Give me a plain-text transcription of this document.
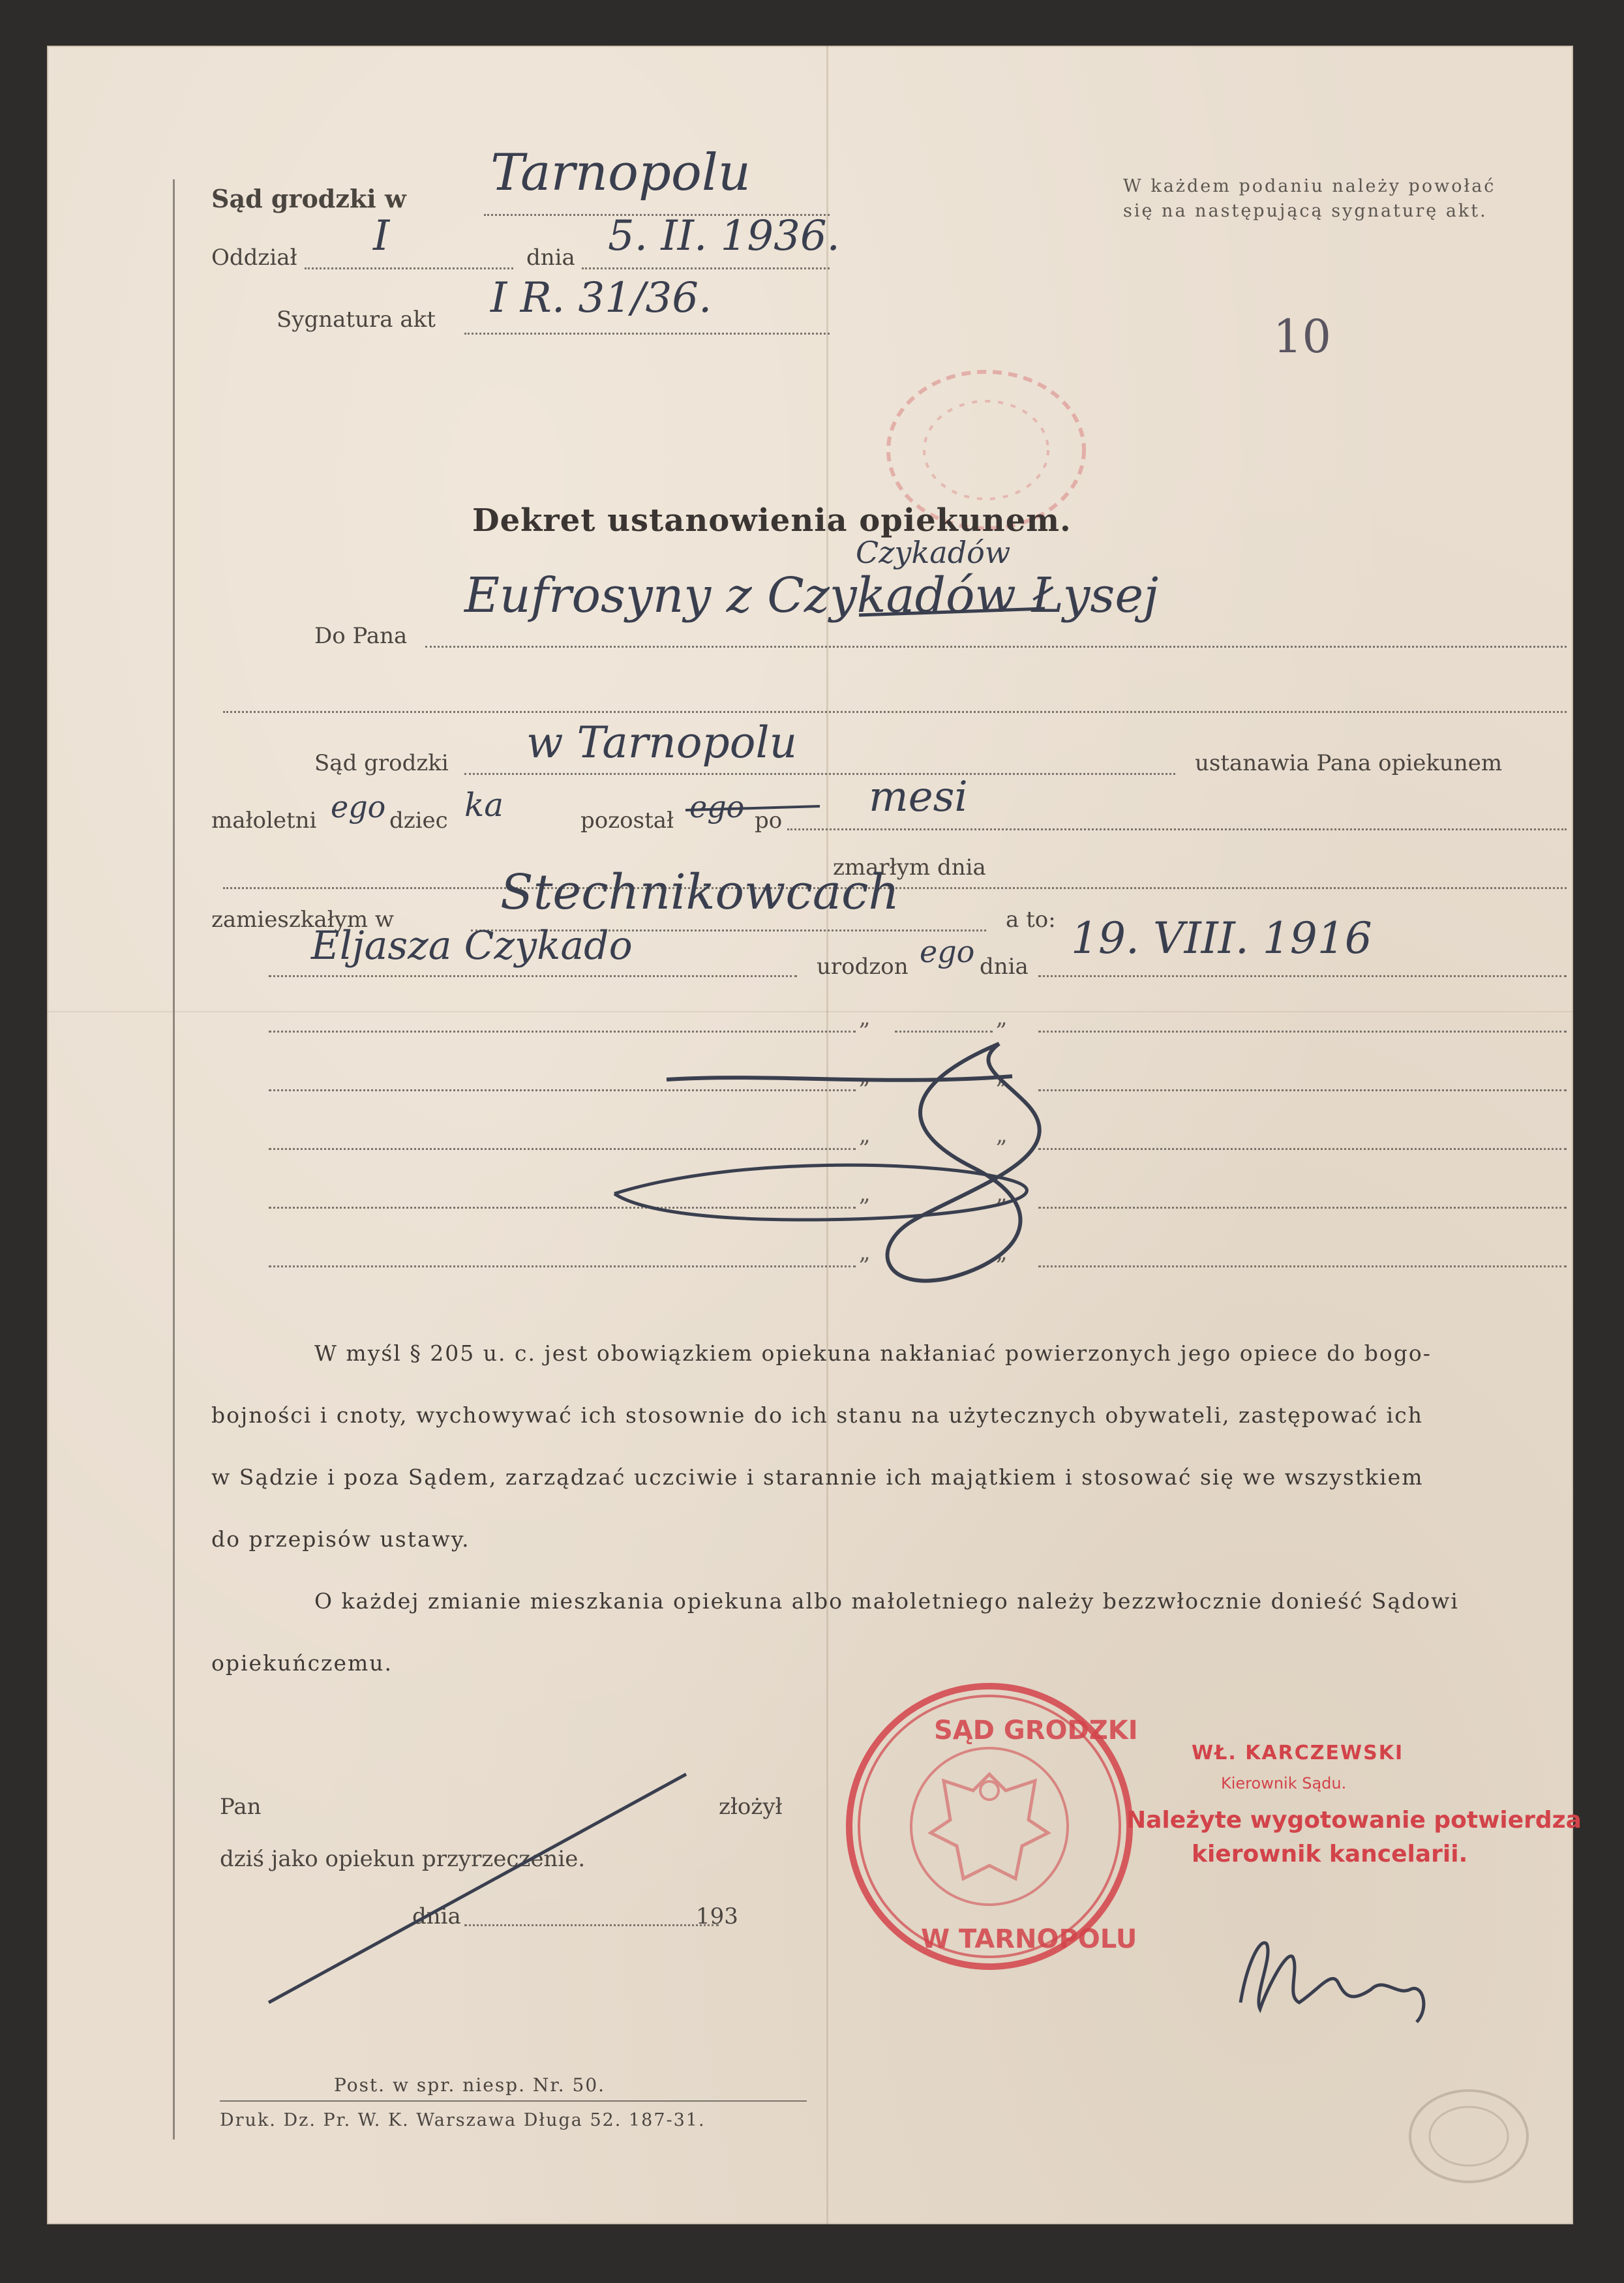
Sąd grodzki w Tarnopolu
Oddział I	dnia 5. II. 1936.
Sygnatura akt I R. 31/36.
W każdem podaniu należy powołać
się na następującą sygnaturę akt.
10
Dekret ustanowienia opiekunem.
Do Pana
Eufrosyny z Czykadów Łysej
Czykadów
Sąd grodzki w Tarnopolu	ustanawia Pana opiekunem
małoletni ego dziec ka	pozostał ego po mesi
zmarłym dnia
zamieszkałym w Stechnikowcach	a to:
Eljasza Czykado	urodzon ego dnia
19. VIII. 1916
„	„
„	„
„	„
„	„
„	„
W myśl § 205 u. c. jest obowiązkiem opiekuna nakłaniać powierzonych jego opiece do bogo-
bojności i cnoty, wychowywać ich stosownie do ich stanu na użytecznych obywateli, zastępować ich
w Sądzie i poza Sądem, zarządzać uczciwie i starannie ich majątkiem i stosować się we wszystkiem
do przepisów ustawy.
O każdej zmianie mieszkania opiekuna albo małoletniego należy bezzwłocznie donieść Sądowi
opiekuńczemu.
Pan	złożył
dziś jako opiekun przyrzeczenie.
dnia	193
SĄD GRODZKI
W TARNOPOLU
WŁ. KARCZEWSKI
Kierownik Sądu.
Należyte wygotowanie potwierdza
kierownik kancelarii.
Post. w spr. niesp. Nr. 50.
Druk. Dz. Pr. W. K. Warszawa Długa 52. 187-31.
